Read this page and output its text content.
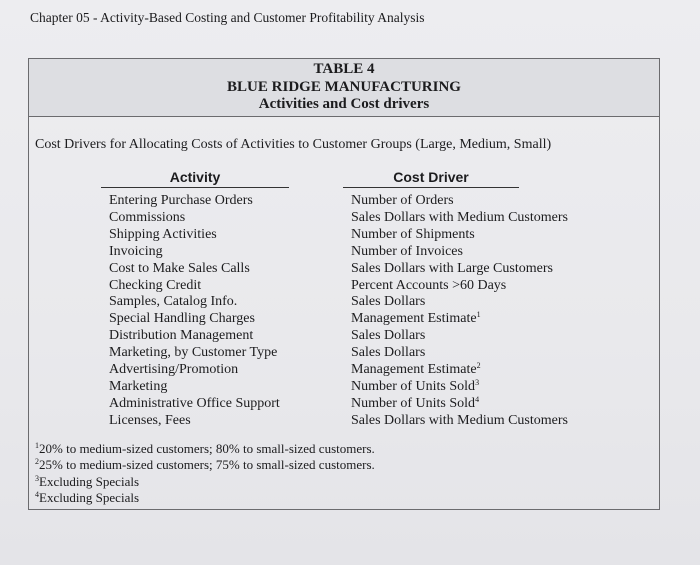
Chapter 05 - Activity-Based Costing and Customer Profitability Analysis
TABLE 4
BLUE RIDGE MANUFACTURING
Activities and Cost drivers
Cost Drivers for Allocating Costs of Activities to Customer Groups (Large, Medium, Small)
Activity	Cost Driver
Entering Purchase Orders
Commissions
Shipping Activities
Invoicing
Cost to Make Sales Calls
Checking Credit
Samples, Catalog Info.
Special Handling Charges
Distribution Management
Marketing, by Customer Type
Advertising/Promotion
Marketing
Administrative Office Support
Licenses, Fees
Number of Orders
Sales Dollars with Medium Customers
Number of Shipments
Number of Invoices
Sales Dollars with Large Customers
Percent Accounts >60 Days
Sales Dollars
Management Estimate$^1$
Sales Dollars
Sales Dollars
Management Estimate$^2$
Number of Units Sold$^3$
Number of Units Sold$^4$
Sales Dollars with Medium Customers
$^1$20% to medium-sized customers; 80% to small-sized customers.
$^2$25% to medium-sized customers; 75% to small-sized customers.
$^3$Excluding Specials
$^4$Excluding Specials
